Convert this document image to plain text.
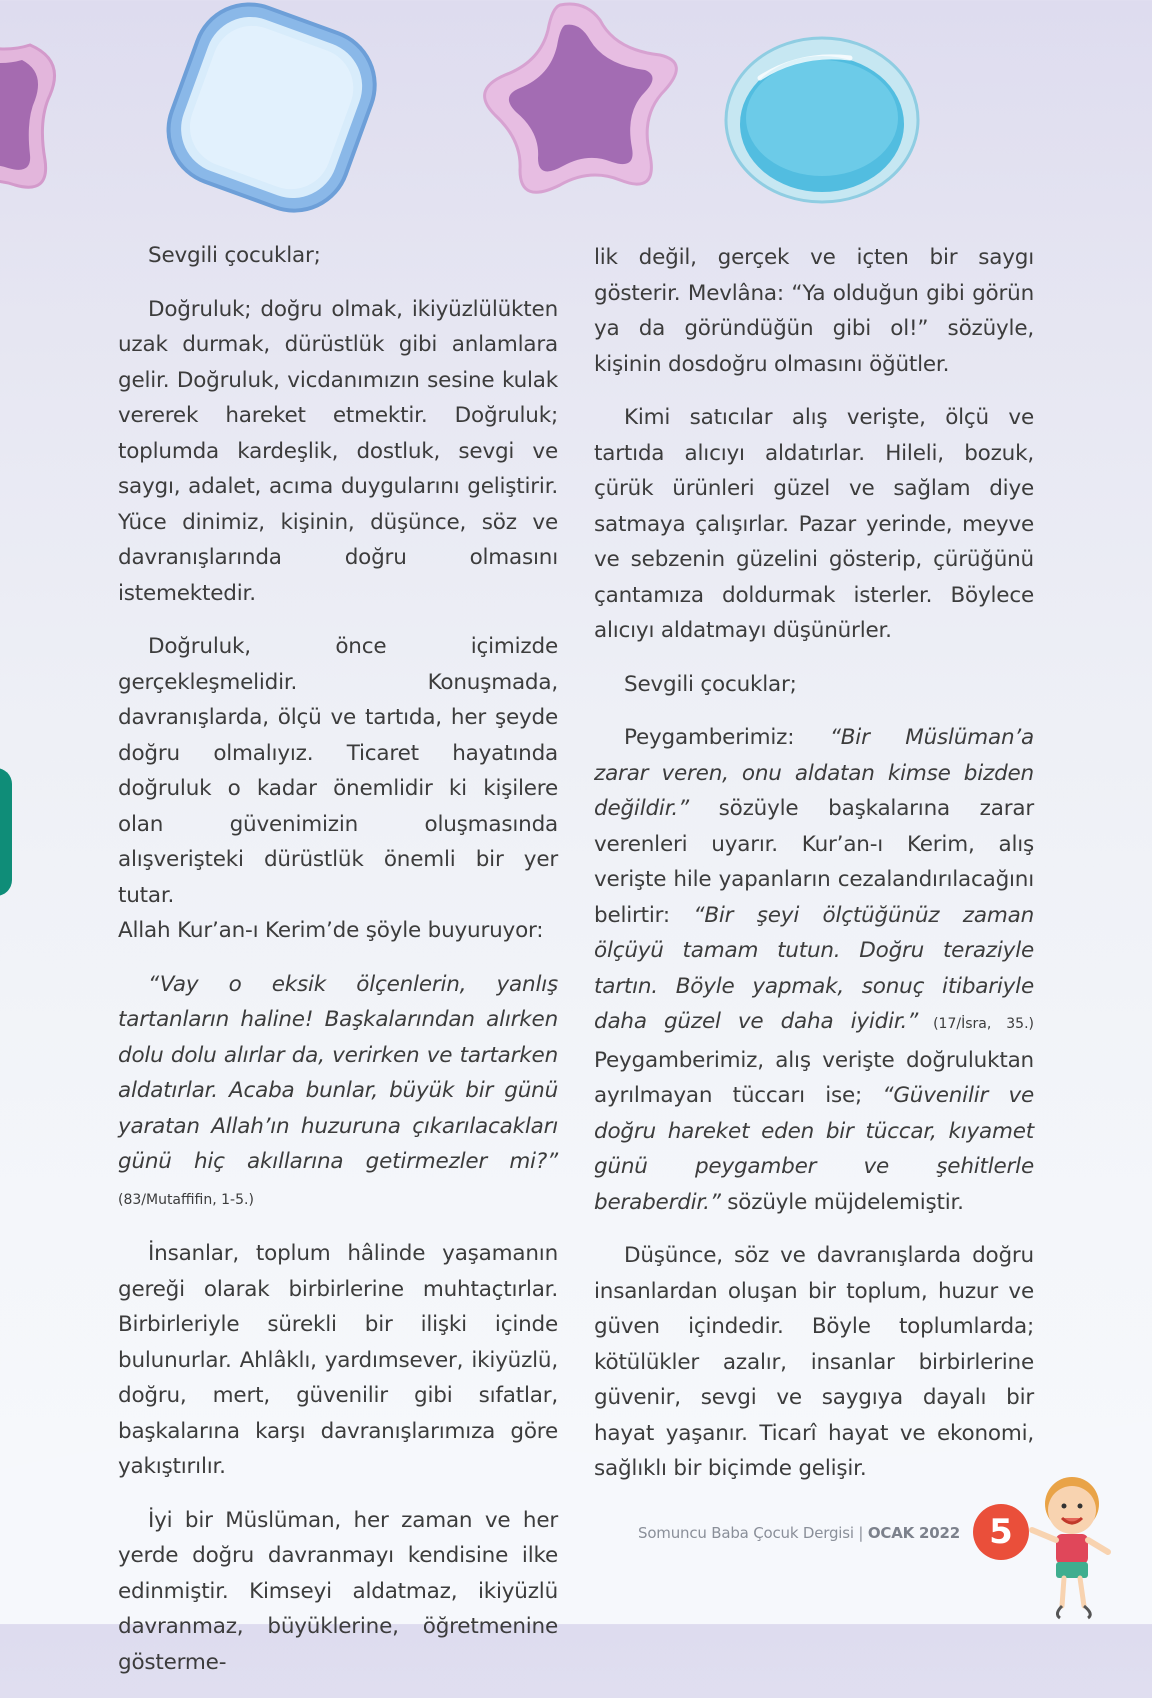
Sevgili çocuklar;

Doğruluk; doğru olmak, ikiyüzlülükten uzak durmak, dürüstlük gibi anlamlara gelir. Doğruluk, vicdanımızın sesine kulak vererek hareket etmektir. Doğruluk; toplumda kardeşlik, dostluk, sevgi ve saygı, adalet, acıma duygularını geliştirir. Yüce dinimiz, kişinin, düşünce, söz ve davranışlarında doğru olmasını istemektedir.

Doğruluk, önce içimizde gerçekleşmelidir. Konuşmada, davranışlarda, ölçü ve tartıda, her şeyde doğru olmalıyız. Ticaret hayatında doğruluk o kadar önemlidir ki kişilere olan güvenimizin oluşmasında alışverişteki dürüstlük önemli bir yer tutar.

Allah Kur’an-ı Kerim’de şöyle buyuruyor:

“Vay o eksik ölçenlerin, yanlış tartanların haline! Başkalarından alırken dolu dolu alırlar da, verirken ve tartarken aldatırlar. Acaba bunlar, büyük bir günü yaratan Allah’ın huzuruna çıkarılacakları günü hiç akıllarına getirmezler mi?” (83/Mutaffifin, 1-5.)

İnsanlar, toplum hâlinde yaşamanın gereği olarak birbirlerine muhtaçtırlar. Birbirleriyle sürekli bir ilişki içinde bulunurlar. Ahlâklı, yardımsever, ikiyüzlü, doğru, mert, güvenilir gibi sıfatlar, başkalarına karşı davranışlarımıza göre yakıştırılır.

İyi bir Müslüman, her zaman ve her yerde doğru davranmayı kendisine ilke edinmiştir. Kimseyi aldatmaz, ikiyüzlü davranmaz, büyüklerine, öğretmenine gösterme-

lik değil, gerçek ve içten bir saygı gösterir. Mevlâna: “Ya olduğun gibi görün ya da göründüğün gibi ol!” sözüyle, kişinin dosdoğru olmasını öğütler.

Kimi satıcılar alış verişte, ölçü ve tartıda alıcıyı aldatırlar. Hileli, bozuk, çürük ürünleri güzel ve sağlam diye satmaya çalışırlar. Pazar yerinde, meyve ve sebzenin güzelini gösterip, çürüğünü çantamıza doldurmak isterler. Böylece alıcıyı aldatmayı düşünürler.

Sevgili çocuklar;

Peygamberimiz: “Bir Müslüman’a zarar veren, onu aldatan kimse bizden değildir.” sözüyle başkalarına zarar verenleri uyarır. Kur’an-ı Kerim, alış verişte hile yapanların cezalandırılacağını belirtir: “Bir şeyi ölçtüğünüz zaman ölçüyü tamam tutun. Doğru teraziyle tartın. Böyle yapmak, sonuç itibariyle daha güzel ve daha iyidir.” (17/İsra, 35.) Peygamberimiz, alış verişte doğruluktan ayrılmayan tüccarı ise; “Güvenilir ve doğru hareket eden bir tüccar, kıyamet günü peygamber ve şehitlerle beraberdir.” sözüyle müjdelemiştir.

Düşünce, söz ve davranışlarda doğru insanlardan oluşan bir toplum, huzur ve güven içindedir. Böyle toplumlarda; kötülükler azalır, insanlar birbirlerine güvenir, sevgi ve saygıya dayalı bir hayat yaşanır. Ticarî hayat ve ekonomi, sağlıklı bir biçimde gelişir.

Somuncu Baba Çocuk Dergisi | OCAK 2022 5
